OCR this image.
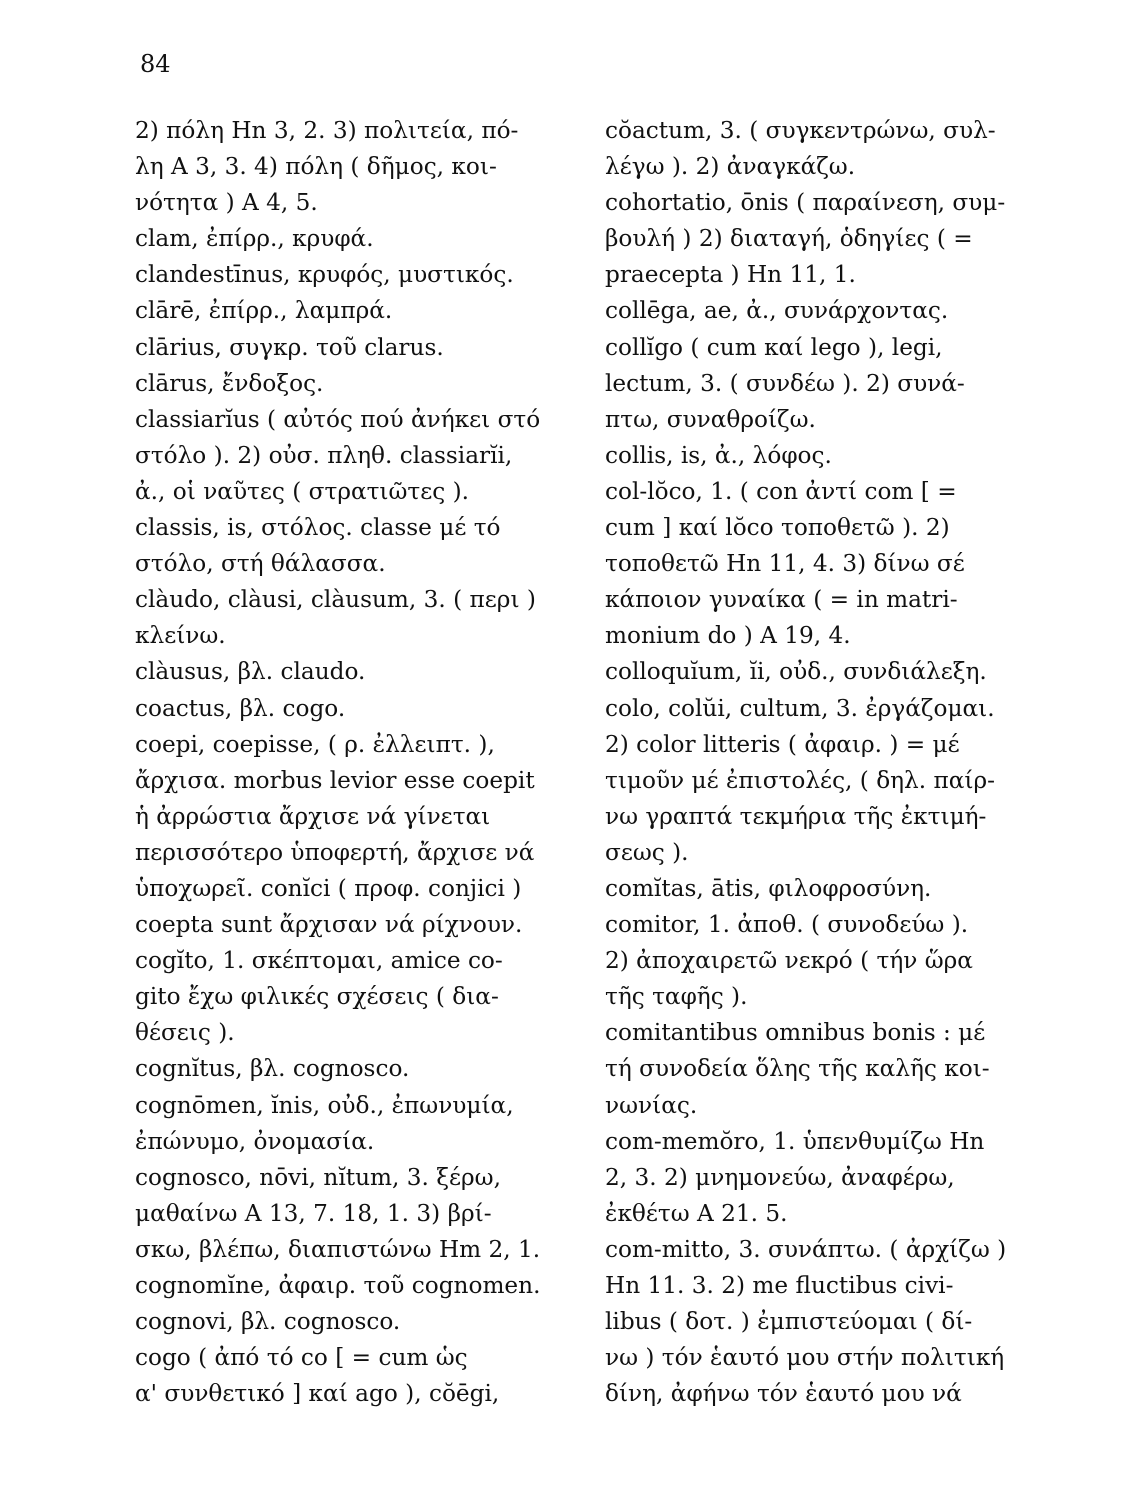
84
2) πόλη Hn 3, 2. 3) πολιτεία, πό-
λη A 3, 3. 4) πόλη ( δῆμος, κοι-
νότητα ) A 4, 5.
clam, ἐπίρρ., κρυφά.
clandestīnus, κρυφός, μυστικός.
clārē, ἐπίρρ., λαμπρά.
clārius, συγκρ. τοῦ clarus.
clārus, ἔνδοξος.
classiarĭus ( αὐτός πού ἀνήκει στό
στόλο ). 2) οὐσ. πληθ. classiarĭi,
ἀ., οἱ ναῦτες ( στρατιῶτες ).
classis, is, στόλος. classe μέ τό
στόλο, στή θάλασσα.
clàudo, clàusi, clàusum, 3. ( περι )
κλείνω.
clàusus, βλ. claudo.
coactus, βλ. cogo.
coepi, coepisse, ( ρ. ἐλλειπτ. ),
ἄρχισα. morbus levior esse coepit
ἡ ἀρρώστια ἄρχισε νά γίνεται
περισσότερο ὑποφερτή, ἄρχισε νά
ὑποχωρεῖ. conĭci ( προφ. conjici )
coepta sunt ἄρχισαν νά ρίχνουν.
cogĭto, 1. σκέπτομαι, amice co-
gito ἔχω φιλικές σχέσεις ( δια-
θέσεις ).
cognĭtus, βλ. cognosco.
cognōmen, ĭnis, οὐδ., ἐπωνυμία,
ἐπώνυμο, ὀνομασία.
cognosco, nōvi, nĭtum, 3. ξέρω,
μαθαίνω A 13, 7. 18, 1. 3) βρί-
σκω, βλέπω, διαπιστώνω Hm 2, 1.
cognomĭne, ἀφαιρ. τοῦ cognomen.
cognovi, βλ. cognosco.
cogo ( ἀπό τό co [ = cum ὡς
α' συνθετικό ] καί ago ), cŏēgi,
cŏactum, 3. ( συγκεντρώνω, συλ-
λέγω ). 2) ἀναγκάζω.
cohortatio, ōnis ( παραίνεση, συμ-
βουλή ) 2) διαταγή, ὁδηγίες ( =
praecepta ) Hn 11, 1.
collēga, ae, ἀ., συνάρχοντας.
collĭgo ( cum καί lego ), legi,
lectum, 3. ( συνδέω ). 2) συνά-
πτω, συναθροίζω.
collis, is, ἀ., λόφος.
col-lŏco, 1. ( con ἀντί com [ =
cum ] καί lŏco τοποθετῶ ). 2)
τοποθετῶ Hn 11, 4. 3) δίνω σέ
κάποιον γυναίκα ( = in matri-
monium do ) A 19, 4.
colloquĭum, ĭi, οὐδ., συνδιάλεξη.
colo, colŭi, cultum, 3. ἐργάζομαι.
2) color litteris ( ἀφαιρ. ) = μέ
τιμοῦν μέ ἐπιστολές, ( δηλ. παίρ-
νω γραπτά τεκμήρια τῆς ἐκτιμή-
σεως ).
comĭtas, ātis, φιλοφροσύνη.
comitor, 1. ἀποθ. ( συνοδεύω ).
2) ἀποχαιρετῶ νεκρό ( τήν ὥρα
τῆς ταφῆς ).
comitantibus omnibus bonis : μέ
τή συνοδεία ὅλης τῆς καλῆς κοι-
νωνίας.
com-memŏro, 1. ὑπενθυμίζω Hn
2, 3. 2) μνημονεύω, ἀναφέρω,
ἐκθέτω A 21. 5.
com-mitto, 3. συνάπτω. ( ἀρχίζω )
Hn 11. 3. 2) me fluctibus civi-
libus ( δοτ. ) ἐμπιστεύομαι ( δί-
νω ) τόν ἑαυτό μου στήν πολιτική
δίνη, ἀφήνω τόν ἑαυτό μου νά
